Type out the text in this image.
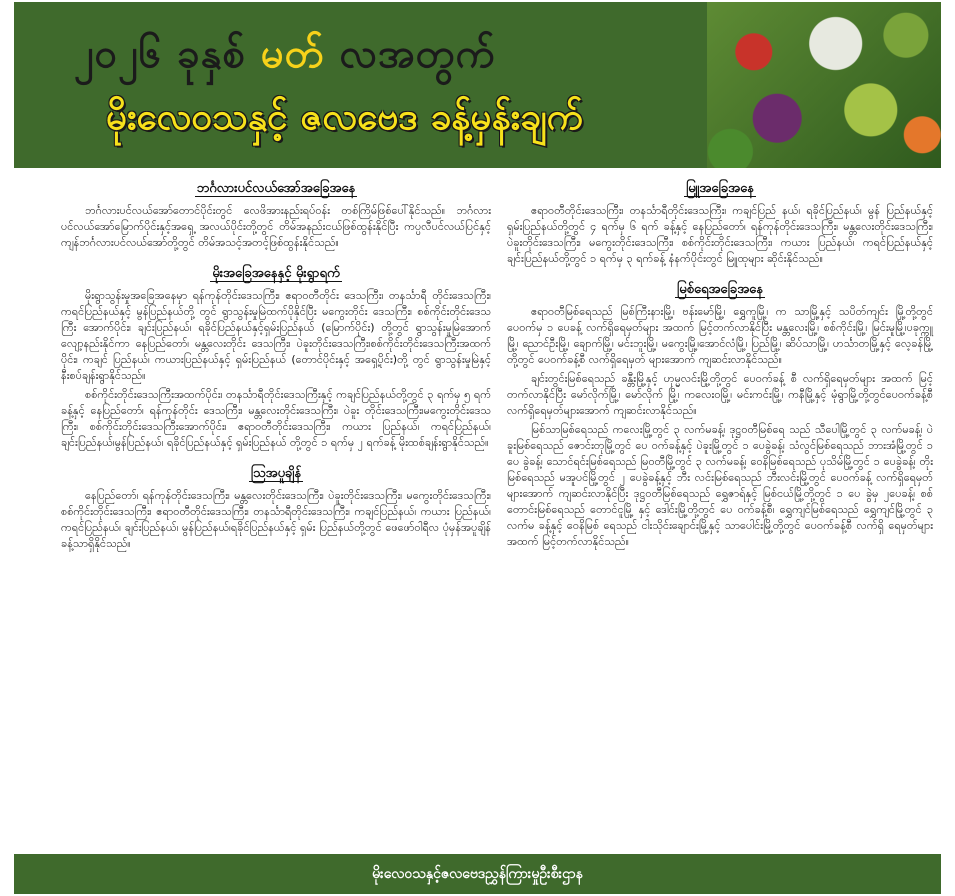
၂၀၂၆ ခုနှစ် မတ် လအတွက်
မိုးလေဝသနှင့် ဇလဗေဒ ခန့်မှန်းချက်
ဘင်္ဂလားပင်လယ်အော်အခြေအနေ

ဘင်္ဂလားပင်လယ်အော်တောင်ပိုင်းတွင် လေဖိအားနည်းရပ်ဝန်း တစ်ကြိမ်ဖြစ်ပေါ်နိုင်သည်။ ဘင်္ဂလားပင်လယ်အော်မြောက်ပိုင်းနှင့်အရှေ့ အလယ်ပိုင်းတို့တွင် တိမ်အနည်းငယ်ဖြစ်ထွန်းနိုင်ပြီး ကပ္ပလီပင်လယ်ပြင်နှင့် ကျန်ဘင်္ဂလားပင်လယ်အော်တို့တွင် တိမ်အသင့်အတင့်ဖြစ်ထွန်းနိုင်သည်။

မိုးအခြေအနေနှင့် မိုးရွာရက်

မိုးရွာသွန်းမှုအခြေအနေမှာ ရန်ကုန်တိုင်းဒေသကြီး၊ ဧရာဝတီတိုင်း ဒေသကြီး၊ တနင်္သာရီ တိုင်းဒေသကြီး၊ ကရင်ပြည်နယ်နှင့် မွန်ပြည်နယ်တို့ တွင် ရွာသွန်းမှုမြဲထက်ပိုနိုင်ပြီး မကွေးတိုင်း ဒေသကြီး၊ စစ်ကိုင်းတိုင်းဒေသကြီး အောက်ပိုင်း၊ ချင်းပြည်နယ်၊ ရခိုင်ပြည်နယ်နှင့်ရှမ်းပြည်နယ် (မြောက်ပိုင်း) တို့တွင် ရွာသွန်းမှုမြဲအောက် လျော့နည်းနိုင်ကာ နေပြည်တော်၊ မန္တလေးတိုင်း ဒေသကြီး၊ ပဲခူးတိုင်းဒေသကြီး၊စစ်ကိုင်းတိုင်းဒေသကြီးအထက်ပိုင်း၊ ကချင် ပြည်နယ်၊ ကယားပြည်နယ်နှင့် ရှမ်းပြည်နယ် (တောင်ပိုင်းနှင့် အရှေ့ပိုင်း)တို့ တွင် ရွာသွန်းမှုမြဲနှင့်နီးစပ်ချန်းရွာနိုင်သည်။

စစ်ကိုင်းတိုင်းဒေသကြီးအထက်ပိုင်း၊ တနင်္သာရီတိုင်းဒေသကြီးနှင့် ကချင်ပြည်နယ်တို့တွင် ၃ ရက်မှ ၅ ရက်ခန့်နှင့် နေပြည်တော်၊ ရန်ကုန်တိုင်း ဒေသကြီး၊ မန္တလေးတိုင်းဒေသကြီး၊ ပဲခူး တိုင်းဒေသကြီး၊မကွေးတိုင်းဒေသ ကြီး၊ စစ်ကိုင်းတိုင်းဒေသကြီးအောက်ပိုင်း၊ ဧရာဝတီတိုင်းဒေသကြီး၊ ကယား ပြည်နယ်၊ ကရင်ပြည်နယ်၊ ချင်းပြည်နယ်၊မွန်ပြည်နယ်၊ ရခိုင်ပြည်နယ်နှင့် ရှမ်းပြည်နယ် တို့တွင် ၁ ရက်မှ ၂ ရက်ခန့် မိုးထစ်ချန်းရွာနိုင်သည်။

သြအပူချိန်

နေပြည်တော်၊ ရန်ကုန်တိုင်းဒေသကြီး၊ မန္တလေးတိုင်းဒေသကြီး၊ ပဲခူးတိုင်းဒေသကြီး၊ မကွေးတိုင်းဒေသကြီး၊ စစ်ကိုင်းတိုင်းဒေသကြီး၊ ဧရာဝတီတိုင်းဒေသကြီး၊ တနင်္သာရီတိုင်းဒေသကြီး၊ ကချင်ပြည်နယ်၊ ကယား ပြည်နယ်၊ ကရင်ပြည်နယ်၊ ချင်းပြည်နယ်၊ မွန်ပြည်နယ်၊ရခိုင်ပြည်နယ်နှင့် ရှမ်း ပြည်နယ်တို့တွင် ဖေဖော်ဝါရီလ ပုံမှန်အပူချိန် ခန့်သာရှိနိုင်သည်။

မြူအခြေအနေ

ဧရာဝတီတိုင်းဒေသကြီး၊ တနင်္သာရီတိုင်းဒေသကြီး၊ ကချင်ပြည် နယ်၊ ရခိုင်ပြည်နယ်၊ မွန် ပြည်နယ်နှင့် ရှမ်းပြည်နယ်တို့တွင် ၄ ရက်မှ ၆ ရက် ခန့်နှင့် နေပြည်တော်၊ ရန်ကုန်တိုင်းဒေသကြီး၊ မန္တလေးတိုင်းဒေသကြီး၊ ပဲခူးတိုင်းဒေသကြီး၊ မကွေးတိုင်းဒေသကြီး၊ စစ်ကိုင်းတိုင်းဒေသကြီး၊ ကယား ပြည်နယ်၊ ကရင်ပြည်နယ်နှင့် ချင်းပြည်နယ်တို့တွင် ၁ ရက်မှ ၃ ရက်ခန့် နံနက်ပိုင်းတွင် မြူထုများ ဆိုင်းနိုင်သည်။

မြစ်ရေအခြေအနေ

ဧရာဝတီမြစ်ရေသည် မြစ်ကြီးနားမြို့၊ ဗန်းမော်မြို့၊ ရွှေကူမြို့၊ က သာမြို့နှင့် သပိတ်ကျင်း မြို့တို့တွင် ပေ၀က်မှ ၁ ပေခန့် လက်ရှိရေမှတ်များ အထက် မြင့်တက်လာနိုင်ပြီး မန္တလေးမြို့၊ စစ်ကိုင်းမြို့၊ မြင်းမူမြို့၊ပခုက္ကူမြို့၊ ညောင်ဦးမြို့၊ ချောက်မြို့၊ မင်းဘူးမြို့၊ မကွေးမြို့၊အောင်လံမြို့၊ ပြည်မြို့၊ ဆိပ်သာမြို့၊ ဟင်္သာတမြို့နှင့် လေ့ခန်မြို့တို့တွင် ပေ၀က်ခန့်စီ လက်ရှိရေမှတ် များအောက် ကျဆင်းလာနိုင်သည်။

ချင်းတွင်းမြစ်ရေသည် ခန္တီးမြို့နှင့် ဟုမ္မလင်းမြို့တို့တွင် ပေ၀က်ခန့် စီ လက်ရှိရေမှတ်များ အထက် မြင့်တက်လာနိုင်ပြီး မော်လိုက်မြို့၊ မော်လိုက် မြို့၊ ကလေးဝမြို့၊ မင်းကင်းမြို့၊ ကနီမြို့နှင့် မုံရွာမြို့တို့တွင်ပေ၀က်ခန့်စီ လက်ရှိရေမှတ်များအောက် ကျဆင်းလာနိုင်သည်။

မြစ်သာမြစ်ရေသည် ကလေးမြို့တွင် ၃ လက်မခန့်၊ ဒုဋ္ဌဝတီမြစ်ရေ သည် သီပေါမြို့တွင် ၃ လက်မခန့်၊ ပဲခူးမြစ်ရေသည် ဇောင်းတုမြို့တွင် ပေ ၀က်ခန့်နှင့် ပဲခူးမြို့တွင် ၁ ပေခွဲခန့်၊ သံလွင်မြစ်ရေသည် ဘားအံမြို့တွင် ၁ ပေ ခွဲခန့်၊ သောင်ရင်းမြစ်ရေသည် မြဝတီမြို့တွင် ၃ လက်မခန့်၊ ဝေနိမြစ်ရေသည် ပုသိမ်မြို့တွင် ၁ ပေခွဲခန့်၊ တိုးမြစ်ရေသည် မအူပင်မြို့တွင် ၂ ပေခွဲခန့်နှင့် ဘီး လင်းမြစ်ရေသည် ဘီးလင်းမြို့တွင် ပေ၀က်ခန့် လက်ရှိရေမှတ်များအောက် ကျဆင်းလာနိုင်ပြီး ဒုဋ္ဌဝတီမြစ်ရေသည် ရွှေဇာရ်နှင့် မြစ်ငယ်မြို့တို့တွင် ၁ ပေ ခွဲမှ ၂ပေခန့်၊ စစ်တောင်းမြစ်ရေသည် တောင်ငူမြို့ နှင့် ဒေါင်းမြို့တို့တွင် ပေ ၀က်ခန့်စီ၊ ရွှေကျင်မြစ်ရေသည် ရွှေကျင်မြို့တွင် ၃ လက်မ ခန့်နှင့် ဝေနိမြစ် ရေသည် ငါးသိုင်းချောင်းမြို့နှင့် သာပေါင်းမြို့တို့တွင် ပေ၀က်ခန့်စီ လက်ရှိ ရေမှတ်များအထက် မြင့်တက်လာနိုင်သည်။

မိုးလေဝသနှင့်ဇလဗေဒညွှန်ကြားမှုဦးစီးဌာန
